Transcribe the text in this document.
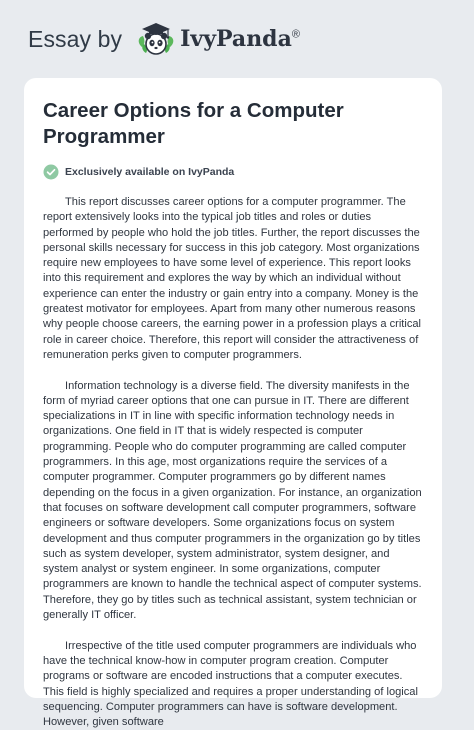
Essay by	IvyPanda®
Career Options for a Computer Programmer
Exclusively available on IvyPanda

This report discusses career options for a computer programmer. The report extensively looks into the typical job titles and roles or duties performed by people who hold the job titles. Further, the report discusses the personal skills necessary for success in this job category. Most organizations require new employees to have some level of experience. This report looks into this requirement and explores the way by which an individual without experience can enter the industry or gain entry into a company. Money is the greatest motivator for employees. Apart from many other numerous reasons why people choose careers, the earning power in a profession plays a critical role in career choice. Therefore, this report will consider the attractiveness of remuneration perks given to computer programmers.

Information technology is a diverse field. The diversity manifests in the form of myriad career options that one can pursue in IT. There are different specializations in IT in line with specific information technology needs in organizations. One field in IT that is widely respected is computer programming. People who do computer programming are called computer programmers. In this age, most organizations require the services of a computer programmer. Computer programmers go by different names depending on the focus in a given organization. For instance, an organization that focuses on software development call computer programmers, software engineers or software developers. Some organizations focus on system development and thus computer programmers in the organization go by titles such as system developer, system administrator, system designer, and system analyst or system engineer. In some organizations, computer programmers are known to handle the technical aspect of computer systems. Therefore, they go by titles such as technical assistant, system technician or generally IT officer.

Irrespective of the title used computer programmers are individuals who have the technical know-how in computer program creation. Computer programs or software are encoded instructions that a computer executes. This field is highly specialized and requires a proper understanding of logical sequencing. Computer programmers can have is software development. However, given software
